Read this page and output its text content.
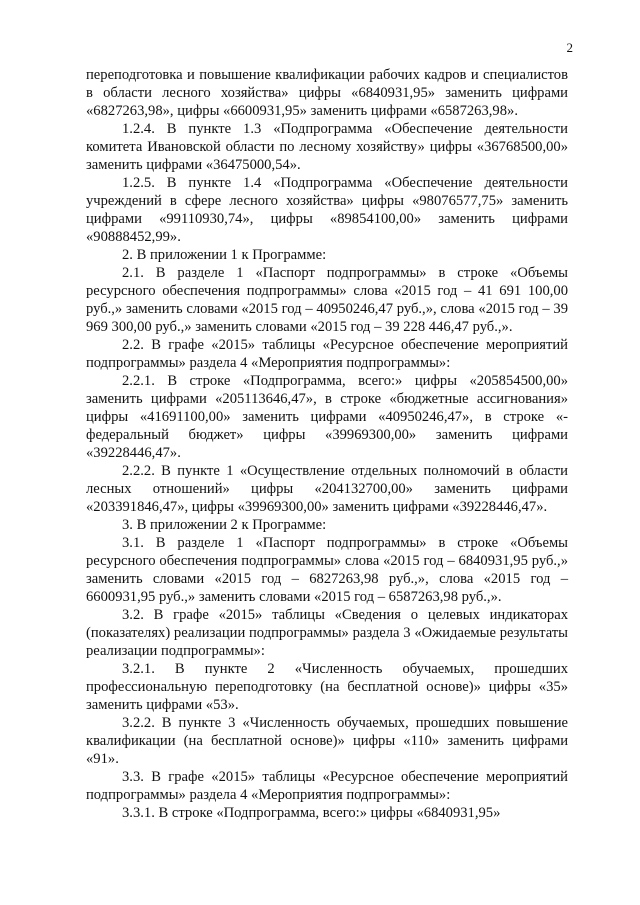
2

переподготовка и повышение квалификации рабочих кадров и специалистов в области лесного хозяйства» цифры «6840931,95» заменить цифрами «6827263,98», цифры «6600931,95» заменить цифрами «6587263,98».

1.2.4. В пункте 1.3 «Подпрограмма «Обеспечение деятельности комитета Ивановской области по лесному хозяйству» цифры «36768500,00» заменить цифрами «36475000,54».

1.2.5. В пункте 1.4 «Подпрограмма «Обеспечение деятельности учреждений в сфере лесного хозяйства» цифры «98076577,75» заменить цифрами «99110930,74», цифры «89854100,00» заменить цифрами «90888452,99».

2. В приложении 1 к Программе:

2.1. В разделе 1 «Паспорт подпрограммы» в строке «Объемы ресурсного обеспечения подпрограммы» слова «2015 год – 41 691 100,00 руб.,» заменить словами «2015 год – 40950246,47 руб.,», слова «2015 год – 39 969 300,00 руб.,» заменить словами «2015 год – 39 228 446,47 руб.,».

2.2. В графе «2015» таблицы «Ресурсное обеспечение мероприятий подпрограммы» раздела 4 «Мероприятия подпрограммы»:

2.2.1. В строке «Подпрограмма, всего:» цифры «205854500,00» заменить цифрами «205113646,47», в строке «бюджетные ассигнования» цифры «41691100,00» заменить цифрами «40950246,47», в строке «- федеральный бюджет» цифры «39969300,00» заменить цифрами «39228446,47».

2.2.2. В пункте 1 «Осуществление отдельных полномочий в области лесных отношений» цифры «204132700,00» заменить цифрами «203391846,47», цифры «39969300,00» заменить цифрами «39228446,47».

3. В приложении 2 к Программе:

3.1. В разделе 1 «Паспорт подпрограммы» в строке «Объемы ресурсного обеспечения подпрограммы» слова «2015 год – 6840931,95 руб.,» заменить словами «2015 год – 6827263,98 руб.,», слова «2015 год – 6600931,95 руб.,» заменить словами «2015 год – 6587263,98 руб.,».

3.2. В графе «2015» таблицы «Сведения о целевых индикаторах (показателях) реализации подпрограммы» раздела 3 «Ожидаемые результаты реализации подпрограммы»:

3.2.1. В пункте 2 «Численность обучаемых, прошедших профессиональную переподготовку (на бесплатной основе)» цифры «35» заменить цифрами «53».

3.2.2. В пункте 3 «Численность обучаемых, прошедших повышение квалификации (на бесплатной основе)» цифры «110» заменить цифрами «91».

3.3. В графе «2015» таблицы «Ресурсное обеспечение мероприятий подпрограммы» раздела 4 «Мероприятия подпрограммы»:

3.3.1. В строке «Подпрограмма, всего:» цифры «6840931,95»
